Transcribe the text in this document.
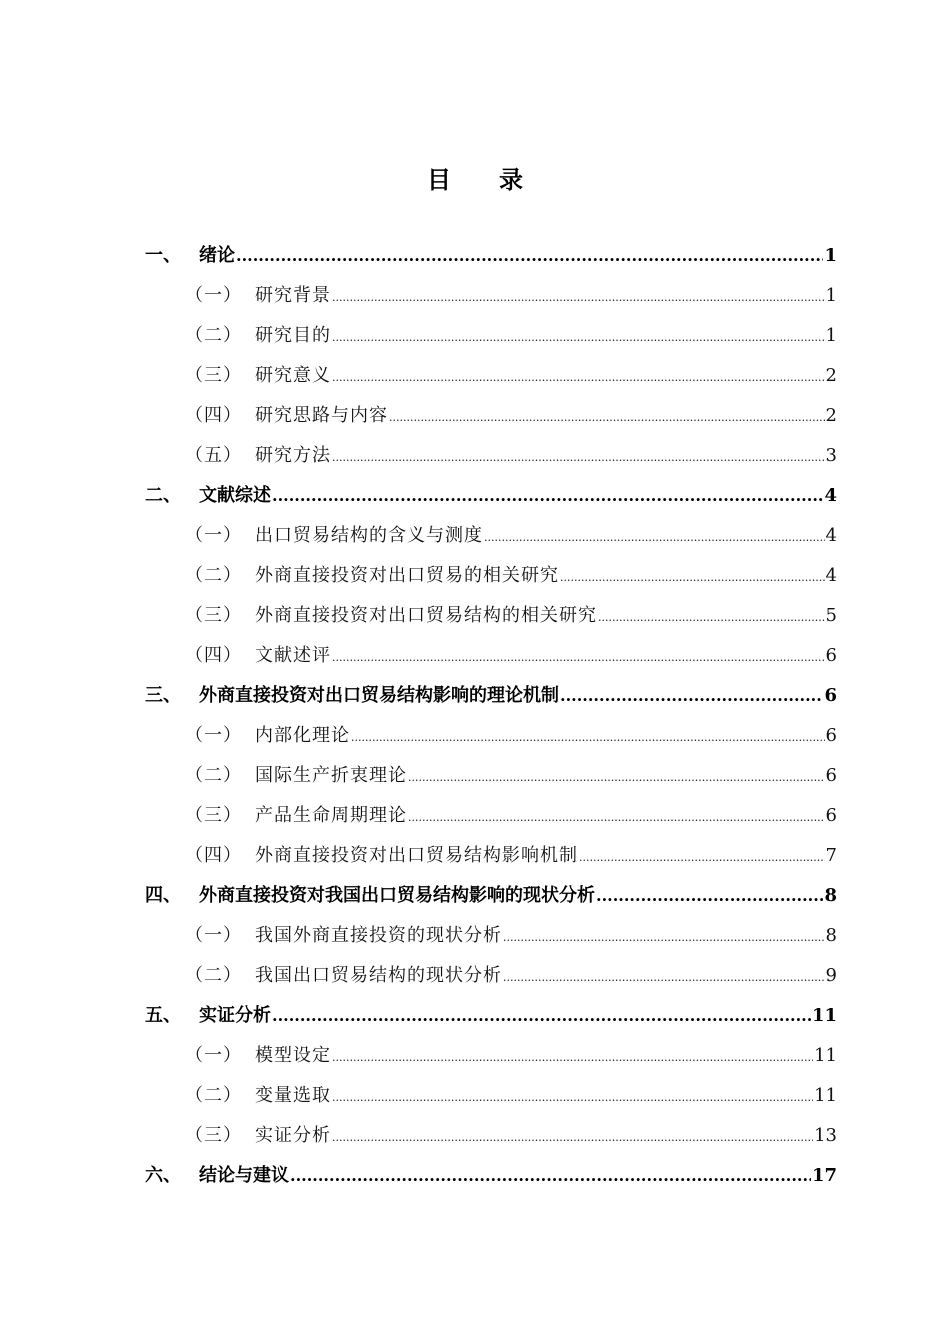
目 录
一、	绪论 .....	1
（一） 研究背景 .....	1
（二） 研究目的 .....	1
（三） 研究意义 .....	2
（四） 研究思路与内容 .....	2
（五） 研究方法 .....	3
二、	文献综述 .....	4
（一） 出口贸易结构的含义与测度 .....	4
（二） 外商直接投资对出口贸易的相关研究 .....	4
（三） 外商直接投资对出口贸易结构的相关研究 .....	5
（四） 文献述评 .....	6
三、	外商直接投资对出口贸易结构影响的理论机制 .....	6
（一） 内部化理论 .....	6
（二） 国际生产折衷理论 .....	6
（三） 产品生命周期理论 .....	6
（四） 外商直接投资对出口贸易结构影响机制 .....	7
四、	外商直接投资对我国出口贸易结构影响的现状分析 .....	8
（一） 我国外商直接投资的现状分析 .....	8
（二） 我国出口贸易结构的现状分析 .....	9
五、	实证分析 .....	11
（一） 模型设定 .....	11
（二） 变量选取 .....	11
（三） 实证分析 .....	13
六、	结论与建议 .....	17
